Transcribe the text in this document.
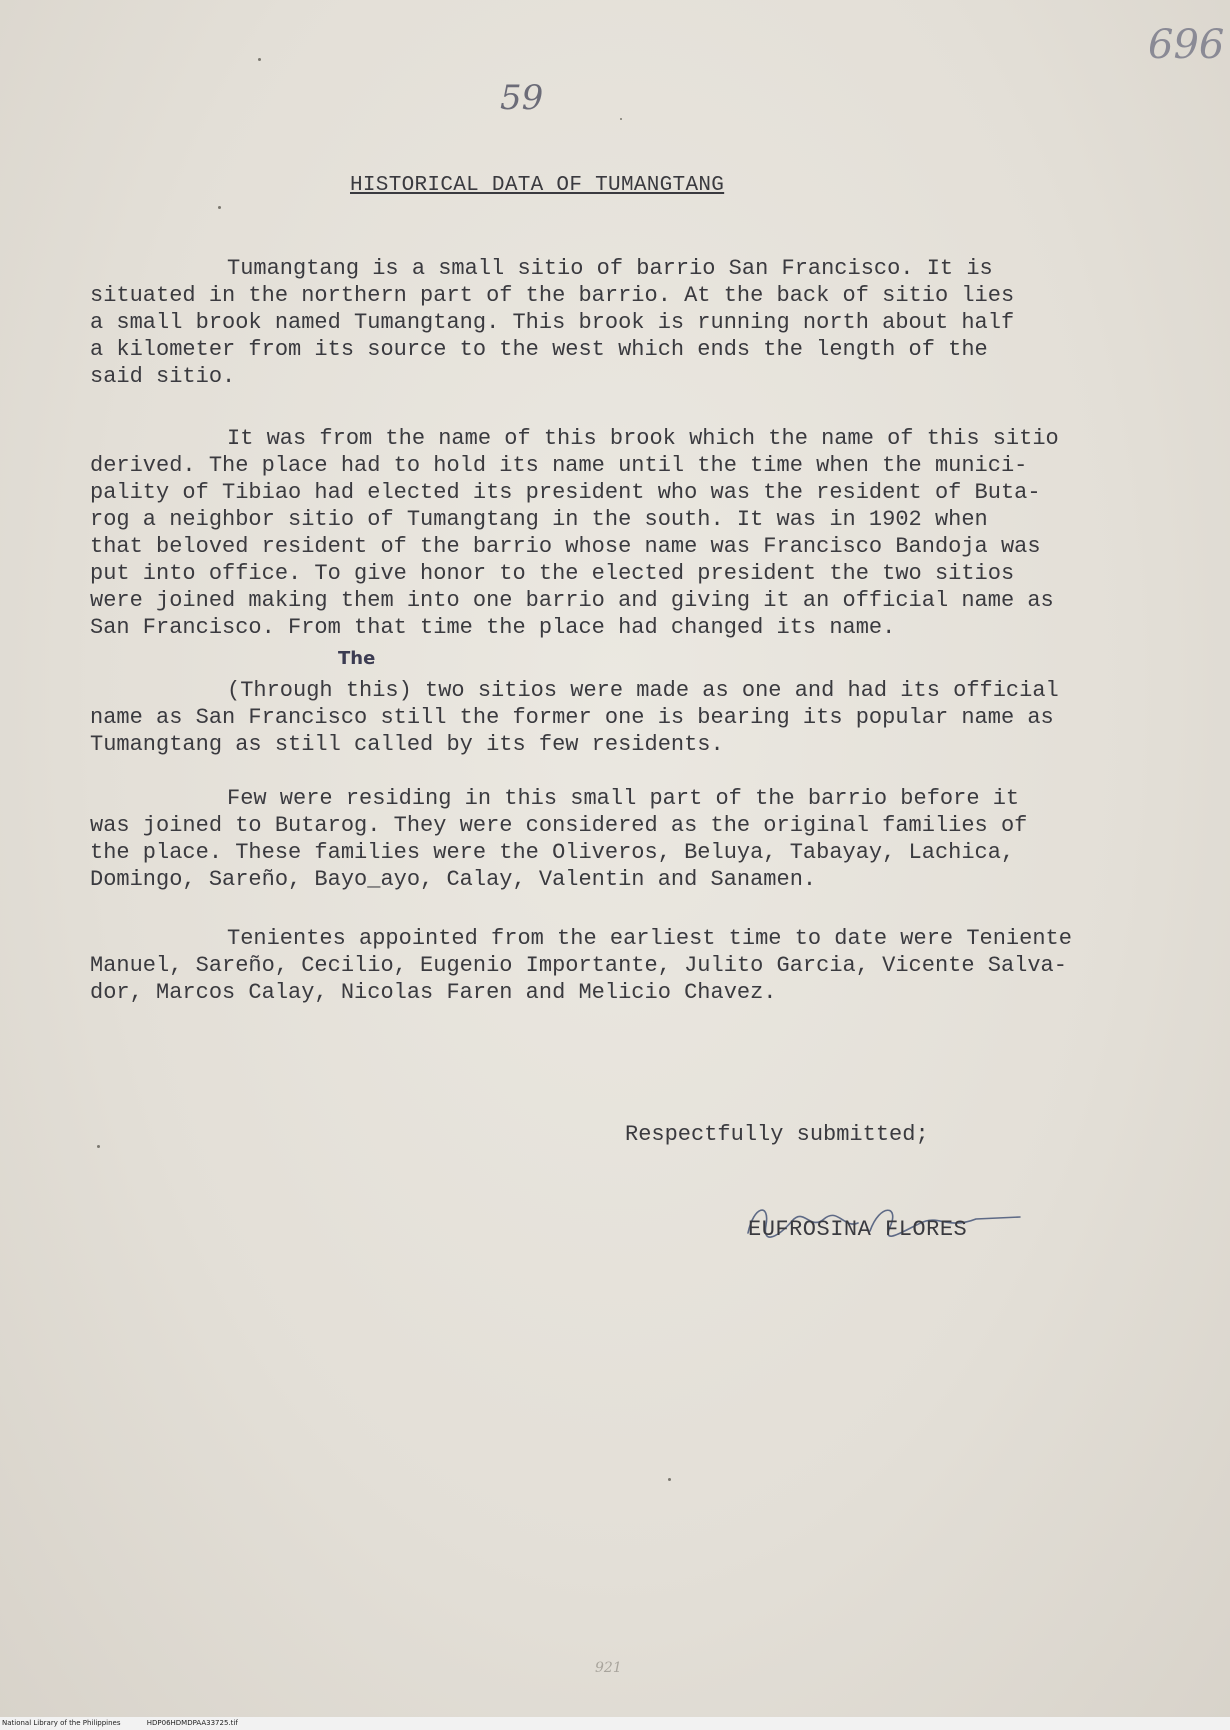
59
696
HISTORICAL DATA OF TUMANGTANG

Tumangtang is a small sitio of barrio San Francisco. It is
situated in the northern part of the barrio. At the back of sitio lies
a small brook named Tumangtang. This brook is running north about half
a kilometer from its source to the west which ends the length of the
said sitio.

It was from the name of this brook which the name of this sitio
derived. The place had to hold its name until the time when the munici-
pality of Tibiao had elected its president who was the resident of Buta-
rog a neighbor sitio of Tumangtang in the south. It was in 1902 when
that beloved resident of the barrio whose name was Francisco Bandoja was
put into office. To give honor to the elected president the two sitios
were joined making them into one barrio and giving it an official name as
San Francisco. From that time the place had changed its name.

The

(Through this) two sitios were made as one and had its official
name as San Francisco still the former one is bearing its popular name as
Tumangtang as still called by its few residents.

Few were residing in this small part of the barrio before it
was joined to Butarog. They were considered as the original families of
the place. These families were the Oliveros, Beluya, Tabayay, Lachica,
Domingo, Sareño, Bayo_ayo, Calay, Valentin and Sanamen.

Tenientes appointed from the earliest time to date were Teniente
Manuel, Sareño, Cecilio, Eugenio Importante, Julito Garcia, Vicente Salva-
dor, Marcos Calay, Nicolas Faren and Melicio Chavez.

Respectfully submitted;
EUFROSINA FLORES
921
National Library of the Philippines	HDP06HDMDPAA33725.tif
